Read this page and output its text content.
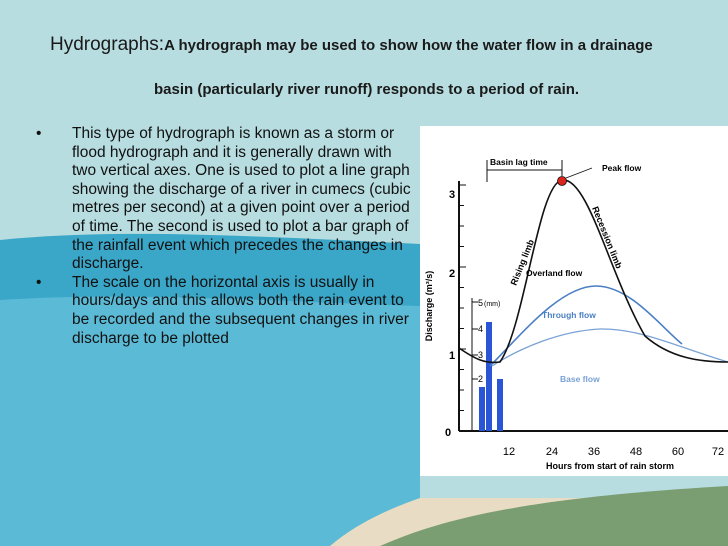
Hydrographs:A hydrograph may be used to show how the water flow in a drainage
basin (particularly river runoff) responds to a period of rain.
• This type of hydrograph is known as a storm or flood hydrograph and it is generally drawn with two vertical axes. One is used to plot a line graph showing the discharge of a river in cumecs (cubic metres per second) at a given point over a period of time. The second is used to plot a bar graph of the rainfall event which precedes the changes in discharge.
• The scale on the horizontal axis is usually in hours/days and this allows both the rain event to be recorded and the subsequent changes in river discharge to be plotted
0
1
2
3
Discharge (m³/s)
12	24	36	48	60	72
Hours from start of rain storm
5 (mm)
4
3
2
Basin lag time
Peak flow
Rising limb	Recession limb
Overland flow
Through flow
Base flow
